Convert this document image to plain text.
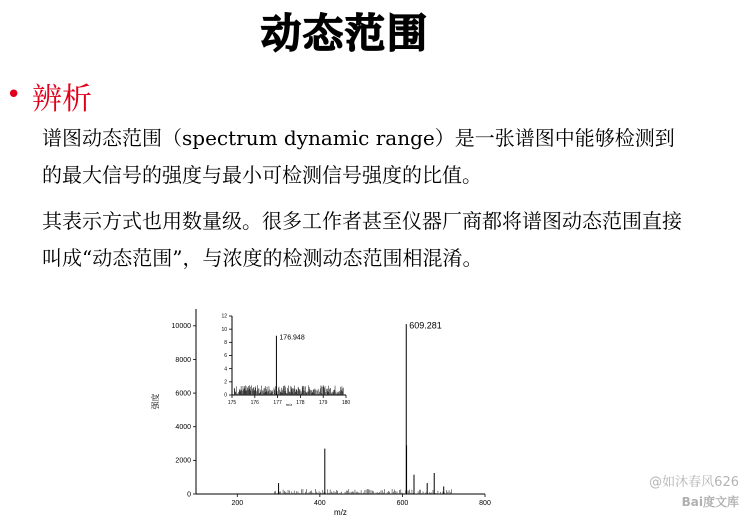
动态范围
• 辨析
谱图动态范围（spectrum dynamic range）是一张谱图中能够检测到的最大信号的强度与最小可检测信号强度的比值。
其表示方式也用数量级。很多工作者甚至仪器厂商都将谱图动态范围直接叫成“动态范围”，与浓度的检测动态范围相混淆。
200	400	600	800
0
2000
4000
6000
8000
10000	609.281
m/z
强度	175	176	177	178	179	180
0
2
4
6
8
10
12
176.948
m/z
@如沐春风626
Bai度文库
